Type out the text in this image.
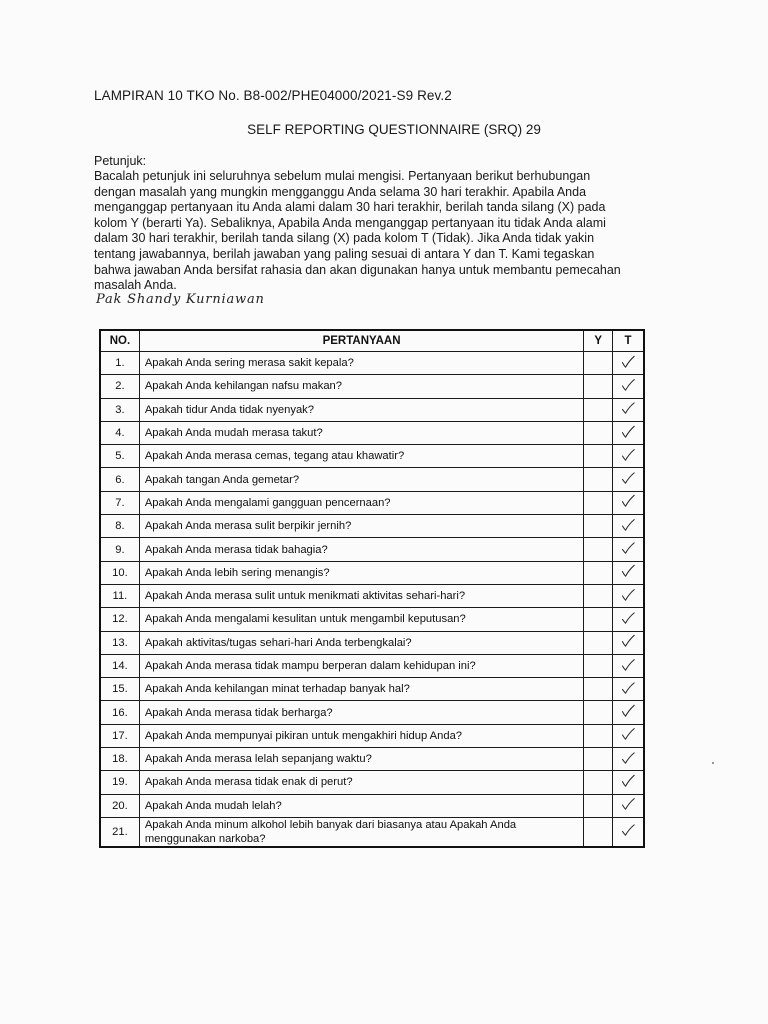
LAMPIRAN 10 TKO No. B8-002/PHE04000/2021-S9 Rev.2
SELF REPORTING QUESTIONNAIRE (SRQ) 29
Petunjuk:
Bacalah petunjuk ini seluruhnya sebelum mulai mengisi. Pertanyaan berikut berhubungan dengan masalah yang mungkin mengganggu Anda selama 30 hari terakhir. Apabila Anda menganggap pertanyaan itu Anda alami dalam 30 hari terakhir, berilah tanda silang (X) pada kolom Y (berarti Ya). Sebaliknya, Apabila Anda menganggap pertanyaan itu tidak Anda alami dalam 30 hari terakhir, berilah tanda silang (X) pada kolom T (Tidak). Jika Anda tidak yakin tentang jawabannya, berilah jawaban yang paling sesuai di antara Y dan T. Kami tegaskan bahwa jawaban Anda bersifat rahasia dan akan digunakan hanya untuk membantu pemecahan masalah Anda.
Pak Shandy Kurniawan
NO.	PERTANYAAN	Y	T
1.	Apakah Anda sering merasa sakit kepala?		

2.	Apakah Anda kehilangan nafsu makan?		

3.	Apakah tidur Anda tidak nyenyak?		

4.	Apakah Anda mudah merasa takut?		

5.	Apakah Anda merasa cemas, tegang atau khawatir?		

6.	Apakah tangan Anda gemetar?		

7.	Apakah Anda mengalami gangguan pencernaan?		

8.	Apakah Anda merasa sulit berpikir jernih?		

9.	Apakah Anda merasa tidak bahagia?		

10.	Apakah Anda lebih sering menangis?		

11.	Apakah Anda merasa sulit untuk menikmati aktivitas sehari-hari?		

12.	Apakah Anda mengalami kesulitan untuk mengambil keputusan?		

13.	Apakah aktivitas/tugas sehari-hari Anda terbengkalai?		

14.	Apakah Anda merasa tidak mampu berperan dalam kehidupan ini?		

15.	Apakah Anda kehilangan minat terhadap banyak hal?		

16.	Apakah Anda merasa tidak berharga?		

17.	Apakah Anda mempunyai pikiran untuk mengakhiri hidup Anda?		

18.	Apakah Anda merasa lelah sepanjang waktu?		

19.	Apakah Anda merasa tidak enak di perut?		

20.	Apakah Anda mudah lelah?		

21.	Apakah Anda minum alkohol lebih banyak dari biasanya atau Apakah Anda menggunakan narkoba?		
